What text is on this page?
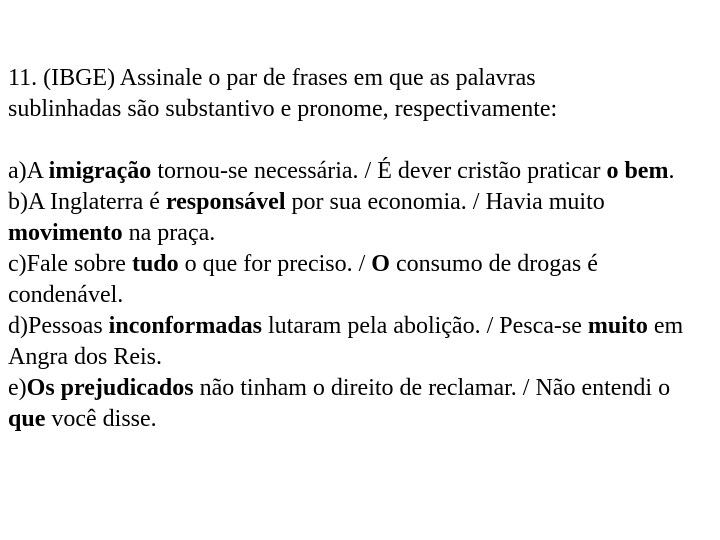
11. (IBGE) Assinale o par de frases em que as palavras

sublinhadas são substantivo e pronome, respectivamente:

a)A imigração tornou-se necessária. / É dever cristão praticar o bem.

b)A Inglaterra é responsável por sua economia. / Havia muito movimento na praça.

c)Fale sobre tudo o que for preciso. / O consumo de drogas é condenável.

d)Pessoas inconformadas lutaram pela abolição. / Pesca-se muito em Angra dos Reis.

e)Os prejudicados não tinham o direito de reclamar. / Não entendi o que você disse.
